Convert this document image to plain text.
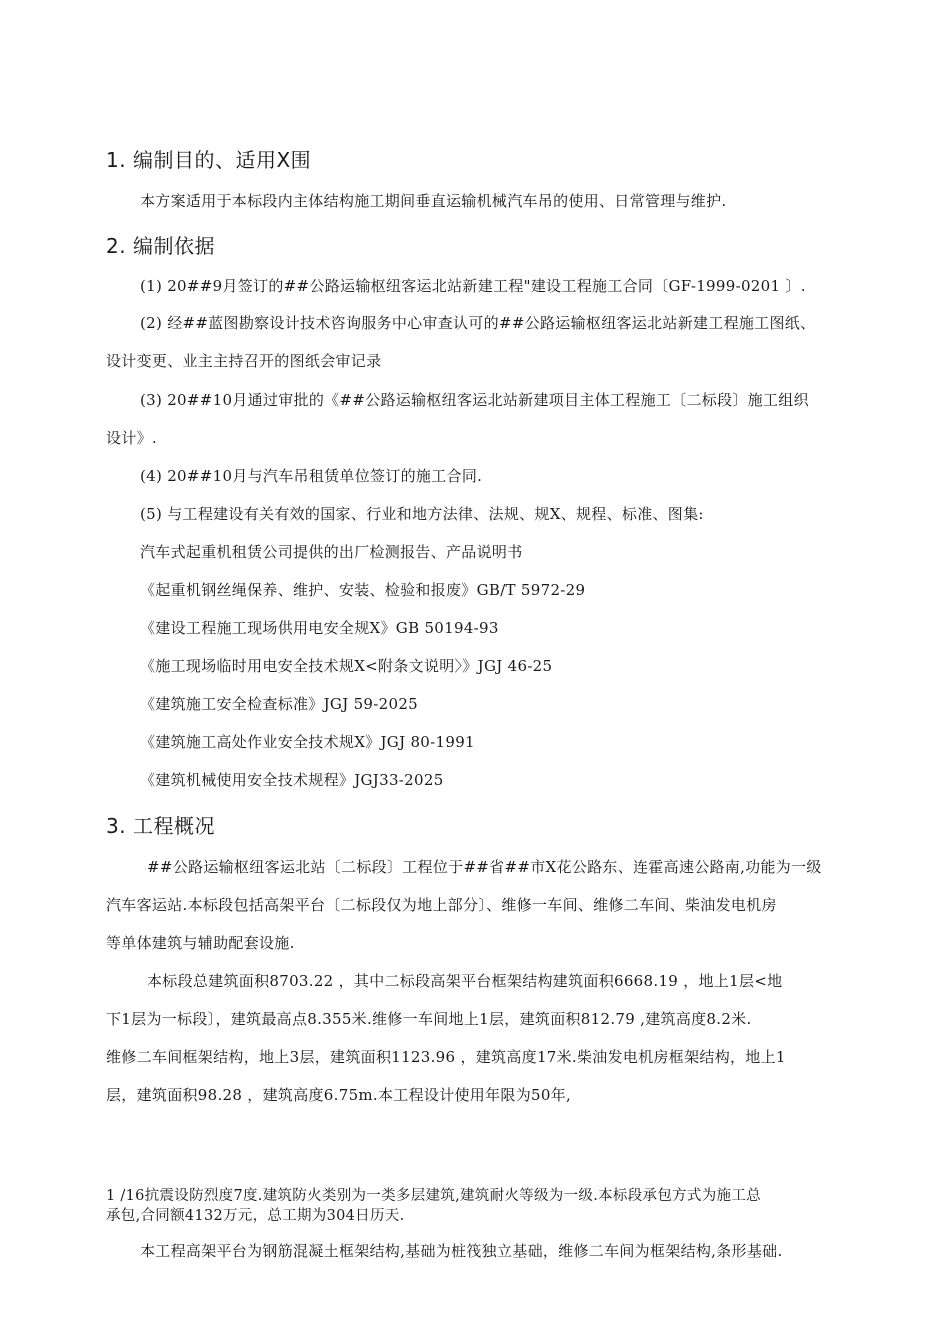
1. 编制目的、适用X围
本方案适用于本标段内主体结构施工期间垂直运输机械汽车吊的使用、日常管理与维护.
2. 编制依据
(1) 20##9月签订的##公路运输枢纽客运北站新建工程"建设工程施工合同〔GF-1999-0201 〕.
(2) 经##蓝图勘察设计技术咨询服务中心审查认可的##公路运输枢纽客运北站新建工程施工图纸、
设计变更、业主主持召开的图纸会审记录
(3) 20##10月通过审批的《##公路运输枢纽客运北站新建项目主体工程施工〔二标段〕施工组织
设计》.
(4) 20##10月与汽车吊租赁单位签订的施工合同.
(5) 与工程建设有关有效的国家、行业和地方法律、法规、规X、规程、标准、图集:
汽车式起重机租赁公司提供的出厂检测报告、产品说明书
《起重机钢丝绳保养、维护、安装、检验和报废》GB/T 5972-29
《建设工程施工现场供用电安全规X》GB 50194-93
《施工现场临时用电安全技术规X<附条文说明〉》JGJ 46-25
《建筑施工安全检查标准》JGJ 59-2025
《建筑施工高处作业安全技术规X》JGJ 80-1991
《建筑机械使用安全技术规程》JGJ33-2025
3. 工程概况
##公路运输枢纽客运北站〔二标段〕工程位于##省##市X花公路东、连霍高速公路南,功能为一级
汽车客运站.本标段包括高架平台〔二标段仅为地上部分〕、维修一车间、维修二车间、柴油发电机房
等单体建筑与辅助配套设施.
本标段总建筑面积8703.22 ，其中二标段高架平台框架结构建筑面积6668.19 ，地上1层<地
下1层为一标段〕，建筑最高点8.355米.维修一车间地上1层，建筑面积812.79 ,建筑高度8.2米.
维修二车间框架结构，地上3层，建筑面积1123.96 ，建筑高度17米.柴油发电机房框架结构，地上1
层，建筑面积98.28 ，建筑高度6.75m.本工程设计使用年限为50年,
1 /16抗震设防烈度7度.建筑防火类别为一类多层建筑,建筑耐火等级为一级.本标段承包方式为施工总
承包,合同额4132万元，总工期为304日历天.
本工程高架平台为钢筋混凝土框架结构,基础为桩筏独立基础，维修二车间为框架结构,条形基础.
